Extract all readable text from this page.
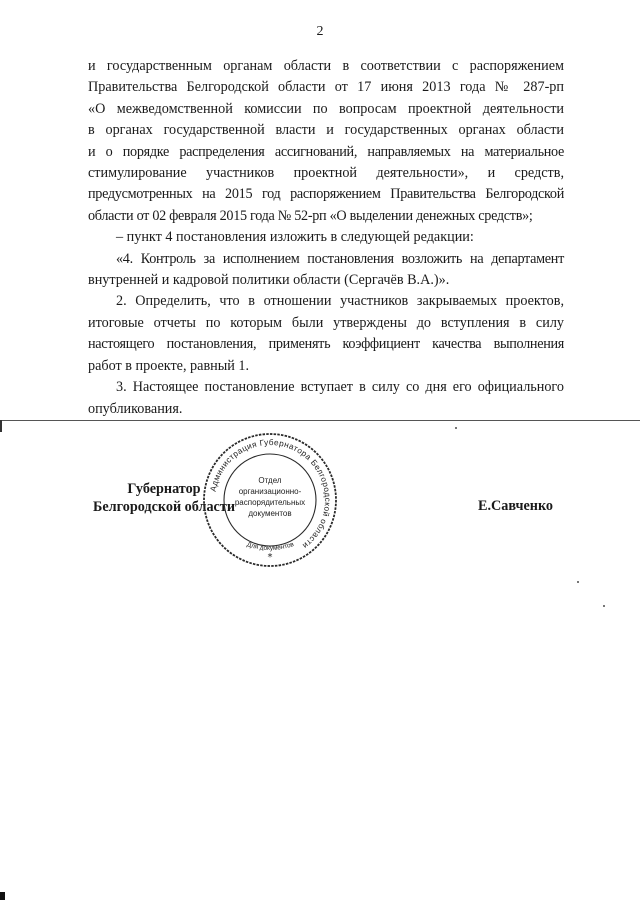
2
и государственным органам области в соответствии с распоряжением
Правительства Белгородской области от 17 июня 2013 года № 287-рп
«О межведомственной комиссии по вопросам проектной деятельности
в органах государственной власти и государственных органах области
и о порядке распределения ассигнований, направляемых на материальное
стимулирование участников проектной деятельности», и средств,
предусмотренных на 2015 год распоряжением Правительства Белгородской
области от 02 февраля 2015 года № 52-рп «О выделении денежных средств»;
– пункт 4 постановления изложить в следующей редакции:
«4. Контроль за исполнением постановления возложить на департамент
внутренней и кадровой политики области (Сергачёв В.А.)».
2. Определить, что в отношении участников закрываемых проектов,
итоговые отчеты по которым были утверждены до вступления в силу
настоящего постановления, применять коэффициент качества выполнения
работ в проекте, равный 1.
3. Настоящее постановление вступает в силу со дня его официального
опубликования.
Губернатор
Белгородской области
Администрация Губернатора Белгородской области
Для документов
Отдел
организационно-
распорядительных
документов
*
Е.Савченко
